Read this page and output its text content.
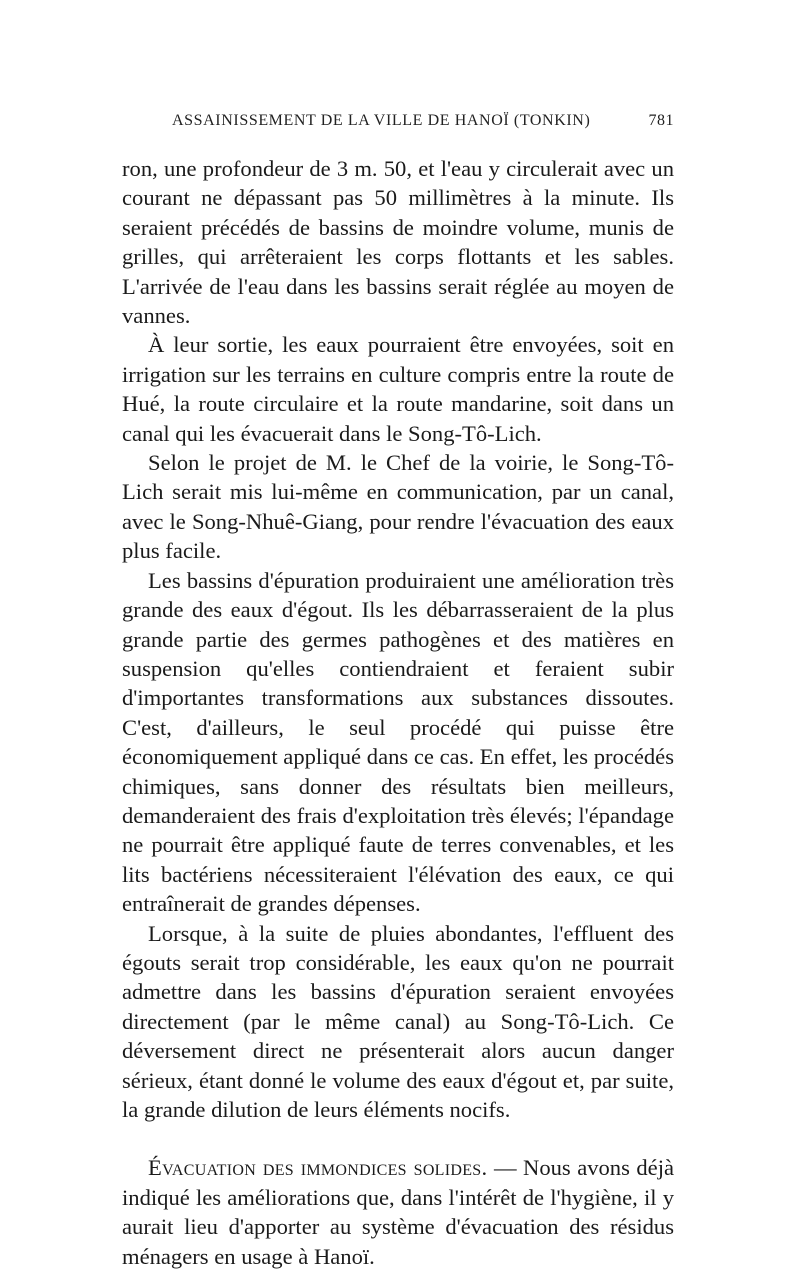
ASSAINISSEMENT DE LA VILLE DE HANOÏ (TONKIN)	781

ron, une profondeur de 3 m. 50, et l'eau y circulerait avec un courant ne dépassant pas 50 millimètres à la minute. Ils seraient précédés de bassins de moindre volume, munis de grilles, qui arrêteraient les corps flottants et les sables. L'arrivée de l'eau dans les bassins serait réglée au moyen de vannes.

À leur sortie, les eaux pourraient être envoyées, soit en irrigation sur les terrains en culture compris entre la route de Hué, la route circulaire et la route mandarine, soit dans un canal qui les évacuerait dans le Song-Tô-Lich.

Selon le projet de M. le Chef de la voirie, le Song-Tô-Lich serait mis lui-même en communication, par un canal, avec le Song-Nhuê-Giang, pour rendre l'évacuation des eaux plus facile.

Les bassins d'épuration produiraient une amélioration très grande des eaux d'égout. Ils les débarrasseraient de la plus grande partie des germes pathogènes et des matières en suspension qu'elles contiendraient et feraient subir d'importantes transformations aux substances dissoutes. C'est, d'ailleurs, le seul procédé qui puisse être économiquement appliqué dans ce cas. En effet, les procédés chimiques, sans donner des résultats bien meilleurs, demanderaient des frais d'exploitation très élevés; l'épandage ne pourrait être appliqué faute de terres convenables, et les lits bactériens nécessiteraient l'élévation des eaux, ce qui entraînerait de grandes dépenses.

Lorsque, à la suite de pluies abondantes, l'effluent des égouts serait trop considérable, les eaux qu'on ne pourrait admettre dans les bassins d'épuration seraient envoyées directement (par le même canal) au Song-Tô-Lich. Ce déversement direct ne présenterait alors aucun danger sérieux, étant donné le volume des eaux d'égout et, par suite, la grande dilution de leurs éléments nocifs.

Évacuation des immondices solides. — Nous avons déjà indiqué les améliorations que, dans l'intérêt de l'hygiène, il y aurait lieu d'apporter au système d'évacuation des résidus ménagers en usage à Hanoï.
